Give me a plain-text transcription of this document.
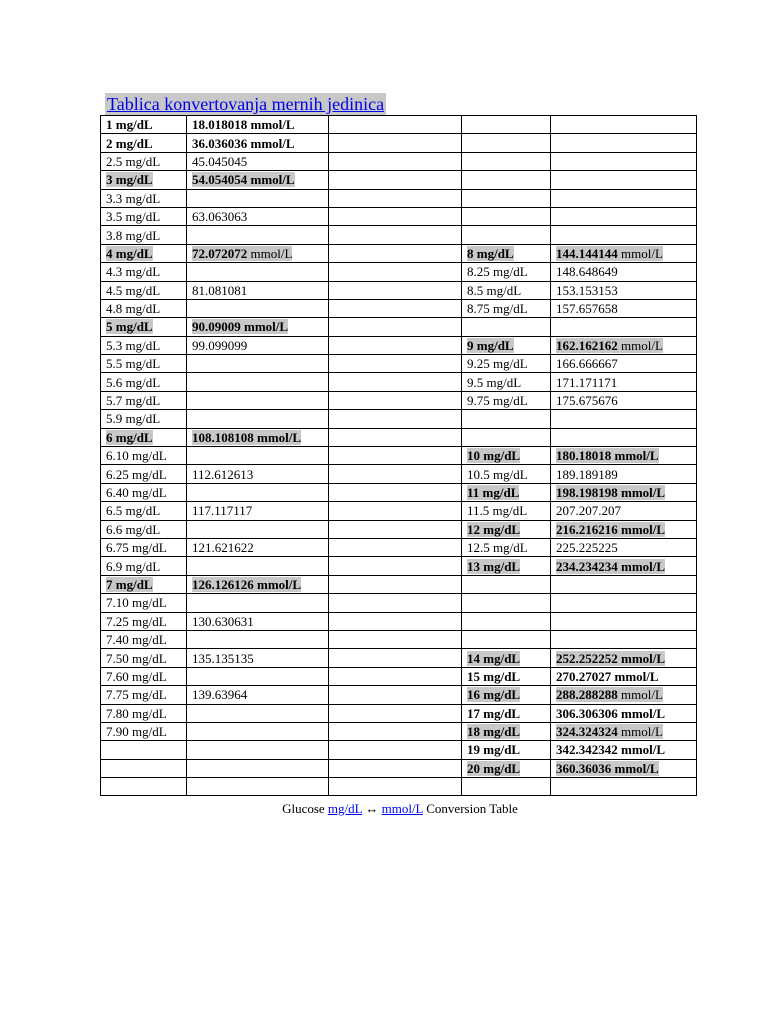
Tablica konvertovanja mernih jedinica
1 mg/dL	18.018018 mmol/L			
2 mg/dL	36.036036 mmol/L			
2.5 mg/dL	45.045045			
3 mg/dL	54.054054 mmol/L			
3.3 mg/dL				
3.5 mg/dL	63.063063			
3.8 mg/dL				
4 mg/dL	72.072072 mmol/L		8 mg/dL	144.144144 mmol/L
4.3 mg/dL			8.25 mg/dL	148.648649
4.5 mg/dL	81.081081		8.5 mg/dL	153.153153
4.8 mg/dL			8.75 mg/dL	157.657658
5 mg/dL	90.09009 mmol/L			
5.3 mg/dL	99.099099		9 mg/dL	162.162162 mmol/L
5.5 mg/dL			9.25 mg/dL	166.666667
5.6 mg/dL			9.5 mg/dL	171.171171
5.7 mg/dL			9.75 mg/dL	175.675676
5.9 mg/dL				
6 mg/dL	108.108108 mmol/L			
6.10 mg/dL			10 mg/dL	180.18018 mmol/L
6.25 mg/dL	112.612613		10.5 mg/dL	189.189189
6.40 mg/dL			11 mg/dL	198.198198 mmol/L
6.5 mg/dL	117.117117		11.5 mg/dL	207.207.207
6.6 mg/dL			12 mg/dL	216.216216 mmol/L
6.75 mg/dL	121.621622		12.5 mg/dL	225.225225
6.9 mg/dL			13 mg/dL	234.234234 mmol/L
7 mg/dL	126.126126 mmol/L			
7.10 mg/dL				
7.25 mg/dL	130.630631			
7.40 mg/dL				
7.50 mg/dL	135.135135		14 mg/dL	252.252252 mmol/L
7.60 mg/dL			15 mg/dL	270.27027 mmol/L
7.75 mg/dL	139.63964		16 mg/dL	288.288288 mmol/L
7.80 mg/dL			17 mg/dL	306.306306 mmol/L
7.90 mg/dL			18 mg/dL	324.324324 mmol/L
			19 mg/dL	342.342342 mmol/L
			20 mg/dL	360.36036 mmol/L

Glucose mg/dL ↔ mmol/L Conversion Table
